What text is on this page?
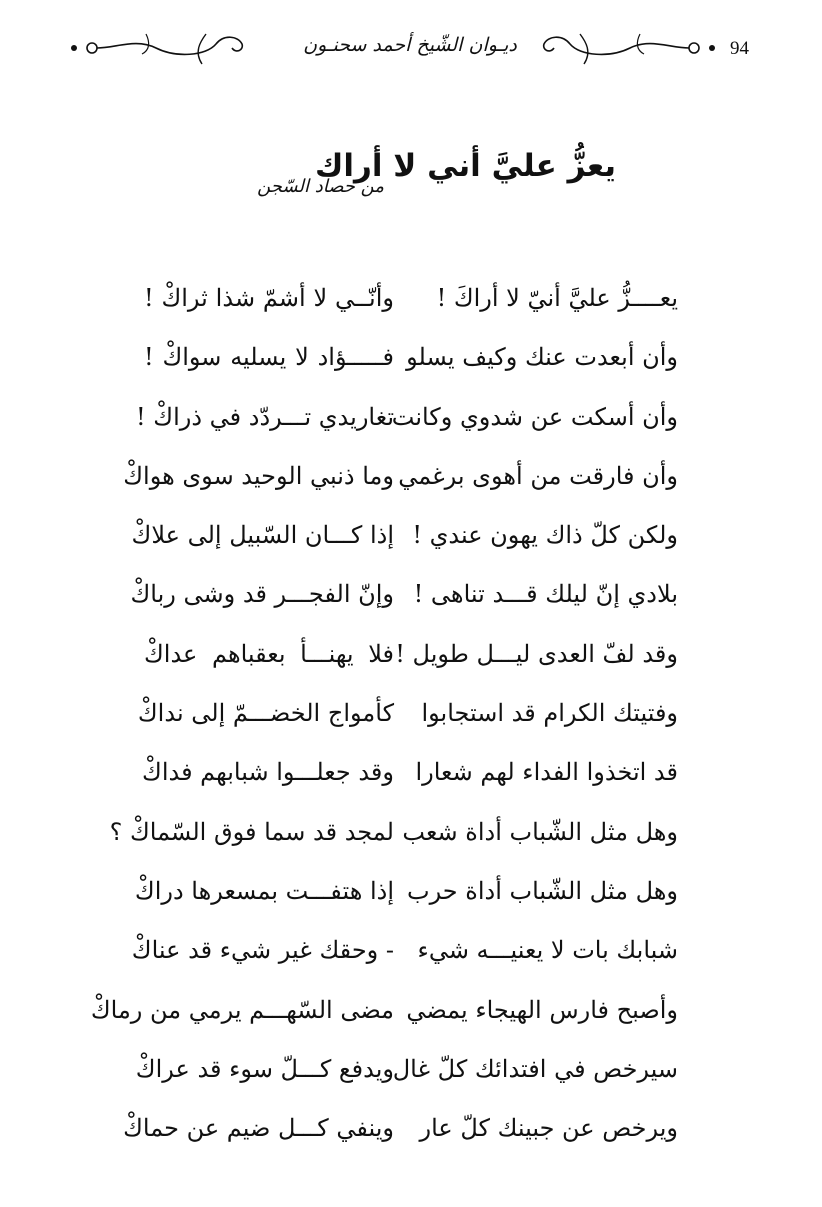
ديـوان الشّيخ أحمد سحنـون	94
يعزُّ عليَّ أني لا أراك
من حصاد السّجن
يعــــزُّ عليَّ أنيّ لا أراكَ !
وأنّــي لا أشمّ شذا ثراكْ !
وأن أبعدت عنك وكيف يسلو
فـــــؤاد لا يسليه سواكْ !
وأن أسكت عن شدوي وكانت
تغاريدي تـــردّد في ذراكْ !
وأن فارقت من أهوى برغمي
وما ذنبي الوحيد سوى هواكْ
ولكن كلّ ذاك يهون عندي !
إذا كـــان السّبيل إلى علاكْ
بلادي إنّ ليلك قـــد تناهى !
وإنّ الفجـــر قد وشى رباكْ
وقد لفّ العدى ليـــل طويل !
فلا يهنـــأ بعقباهم عداكْ
وفتيتك الكرام قد استجابوا
كأمواج الخضـــمّ إلى نداكْ
قد اتخذوا الفداء لهم شعارا
وقد جعلـــوا شبابهم فداكْ
وهل مثل الشّباب أداة شعب
لمجد قد سما فوق السّماكْ ؟
وهل مثل الشّباب أداة حرب
إذا هتفـــت بمسعرها دراكْ
شبابك بات لا يعنيـــه شيء
- وحقك غير شيء قد عناكْ
وأصبح فارس الهيجاء يمضي
مضى السّهـــم يرمي من رماكْ
سيرخص في افتدائك كلّ غال
ويدفع كـــلّ سوء قد عراكْ
ويرخص عن جبينك كلّ عار
وينفي كـــل ضيم عن حماكْ
